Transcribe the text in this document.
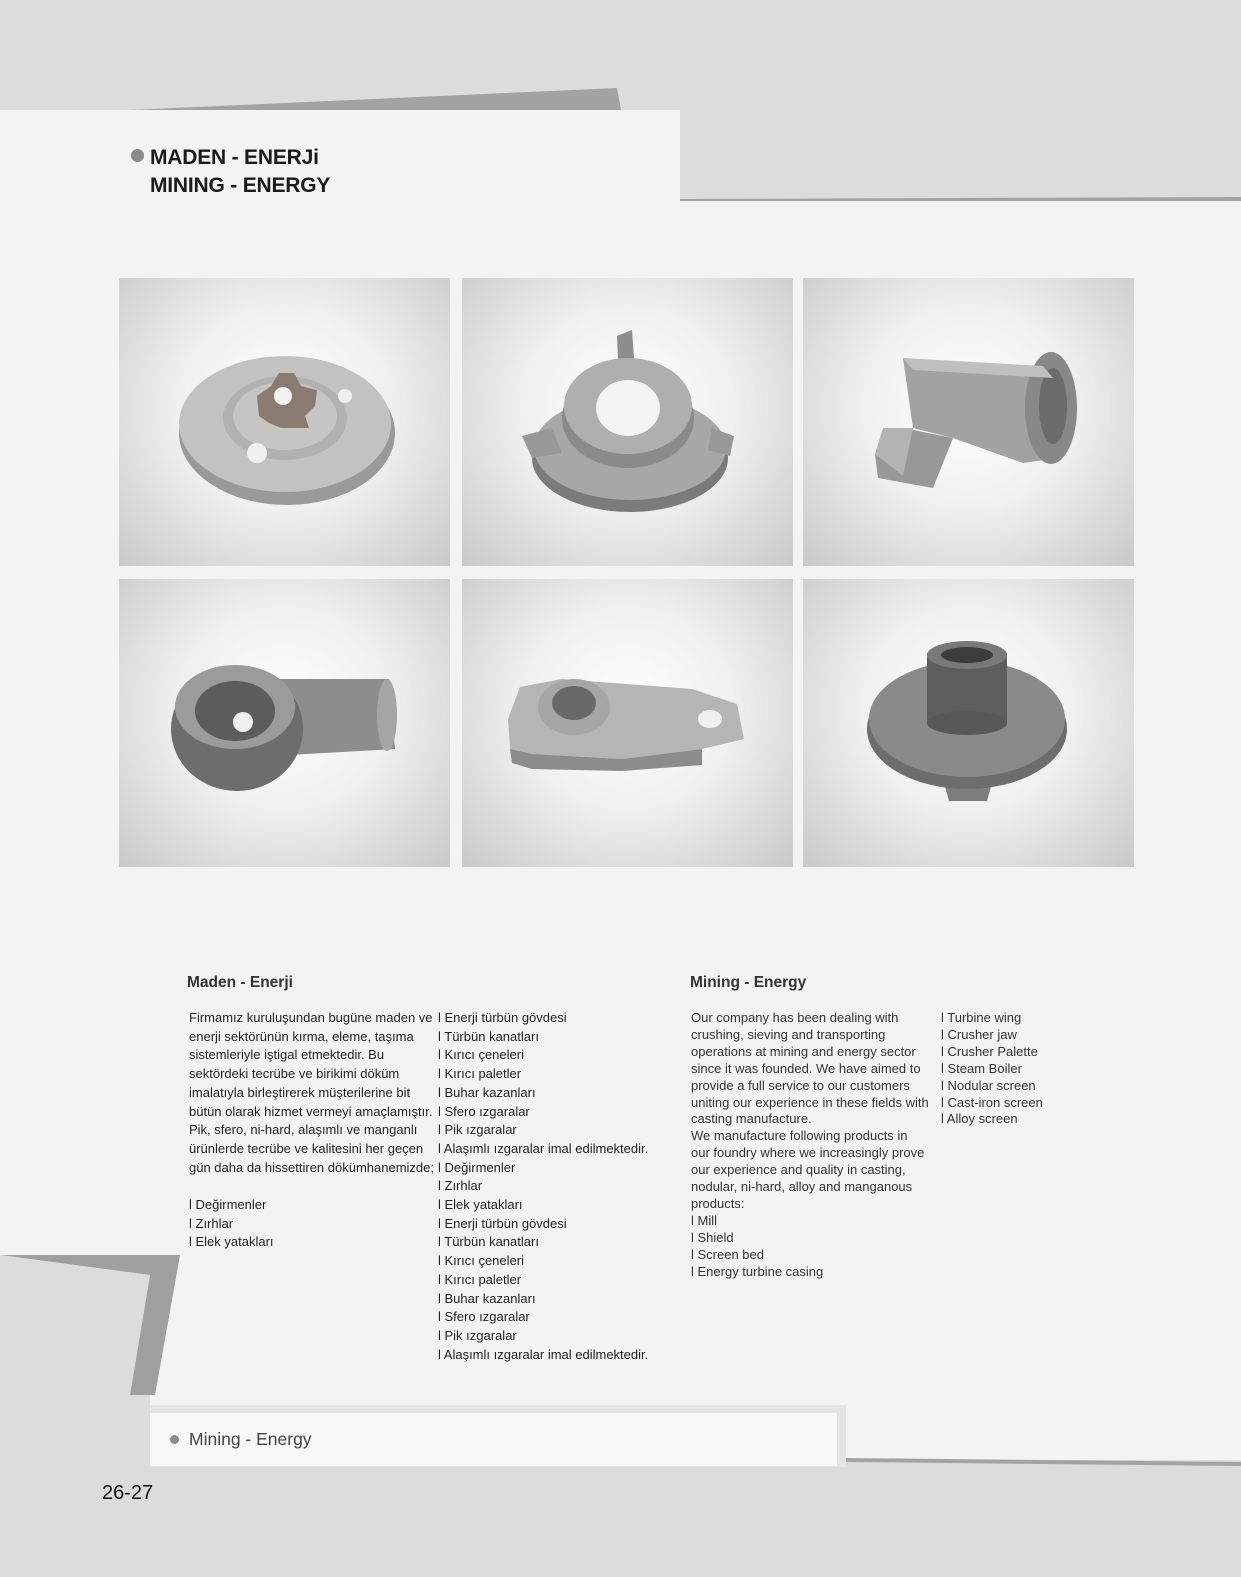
MADEN - ENERJi
MINING - ENERGY
Maden - Enerji
Firmamız kuruluşundan bugüne maden ve
enerji sektörünün kırma, eleme, taşıma
sistemleriyle iştigal etmektedir. Bu
sektördeki tecrübe ve birikimi döküm
imalatıyla birleştirerek müşterilerine bit
bütün olarak hizmet vermeyi amaçlamıştır.
Pik, sfero, ni-hard, alaşımlı ve manganlı
ürünlerde tecrübe ve kalitesini her geçen
gün daha da hissettiren dökümhanemizde;
l Değirmenler
l Zırhlar
l Elek yatakları
l Enerji türbün gövdesi
l Türbün kanatları
l Kırıcı çeneleri
l Kırıcı paletler
l Buhar kazanları
l Sfero ızgaralar
l Pik ızgaralar
l Alaşımlı ızgaralar imal edilmektedir.
l Değirmenler
l Zırhlar
l Elek yatakları
l Enerji türbün gövdesi
l Türbün kanatları
l Kırıcı çeneleri
l Kırıcı paletler
l Buhar kazanları
l Sfero ızgaralar
l Pik ızgaralar
l Alaşımlı ızgaralar imal edilmektedir.
Mining - Energy
Our company has been dealing with
crushing, sieving and transporting
operations at mining and energy sector
since it was founded. We have aimed to
provide a full service to our customers
uniting our experience in these fields with
casting manufacture.
We manufacture following products in
our foundry where we increasingly prove
our experience and quality in casting,
nodular, ni-hard, alloy and manganous
products:
l Mill
l Shield
l Screen bed
l Energy turbine casing
l Turbine wing
l Crusher jaw
l Crusher Palette
l Steam Boiler
l Nodular screen
l Cast-iron screen
l Alloy screen
Mining - Energy
26-27
